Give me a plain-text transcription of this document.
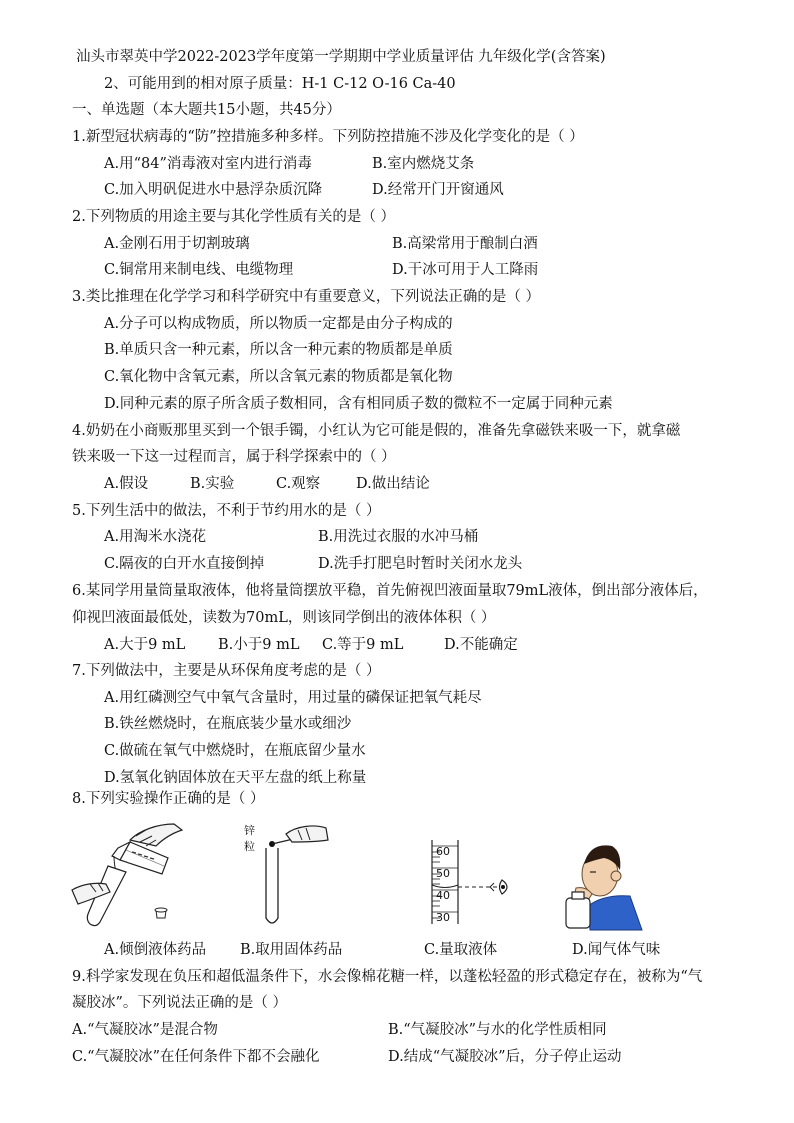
汕头市翠英中学2022-2023学年度第一学期期中学业质量评估 九年级化学(含答案)
2、可能用到的相对原子质量：H-1 C-12 O-16 Ca-40
一、单选题（本大题共15小题，共45分）
1.新型冠状病毒的“防”控措施多种多样。下列防控措施不涉及化学变化的是（ ）
A.用“84”消毒液对室内进行消毒	B.室内燃烧艾条
C.加入明矾促进水中悬浮杂质沉降	D.经常开门开窗通风
2.下列物质的用途主要与其化学性质有关的是（ ）
A.金刚石用于切割玻璃	B.高梁常用于酿制白酒
C.铜常用来制电线、电缆物理	D.干冰可用于人工降雨
3.类比推理在化学学习和科学研究中有重要意义，下列说法正确的是（ ）
A.分子可以构成物质，所以物质一定都是由分子构成的
B.单质只含一种元素，所以含一种元素的物质都是单质
C.氧化物中含氧元素，所以含氧元素的物质都是氧化物
D.同种元素的原子所含质子数相同，含有相同质子数的微粒不一定属于同种元素
4.奶奶在小商贩那里买到一个银手镯，小红认为它可能是假的，准备先拿磁铁来吸一下，就拿磁
铁来吸一下这一过程而言，属于科学探索中的（ ）
A.假设	B.实验	C.观察 D.做出结论
5.下列生活中的做法，不利于节约用水的是（ ）
A.用淘米水浇花	B.用洗过衣服的水冲马桶
C.隔夜的白开水直接倒掉	D.洗手打肥皂时暂时关闭水龙头
6.某同学用量筒量取液体，他将量筒摆放平稳，首先俯视凹液面量取79mL液体，倒出部分液体后，
仰视凹液面最低处，读数为70mL，则该同学倒出的液体体积（ ）
A.大于9 mL B.小于9 mL C.等于9 mL	D.不能确定
7.下列做法中，主要是从环保角度考虑的是（ ）
A.用红磷测空气中氧气含量时，用过量的磷保证把氧气耗尽
B.铁丝燃烧时，在瓶底装少量水或细沙
C.做硫在氧气中燃烧时，在瓶底留少量水
D.氢氧化钠固体放在天平左盘的纸上称量
8.下列实验操作正确的是（ ）
锌
粒	60
50
40
30
A.倾倒液体药品 B.取用固体药品	C.量取液体	D.闻气体气味
9.科学家发现在负压和超低温条件下，水会像棉花糖一样，以蓬松轻盈的形式稳定存在，被称为“气
凝胶冰”。下列说法正确的是（ ）
A.“气凝胶冰”是混合物	B.“气凝胶冰”与水的化学性质相同
C.“气凝胶冰”在任何条件下都不会融化	D.结成“气凝胶冰”后，分子停止运动
